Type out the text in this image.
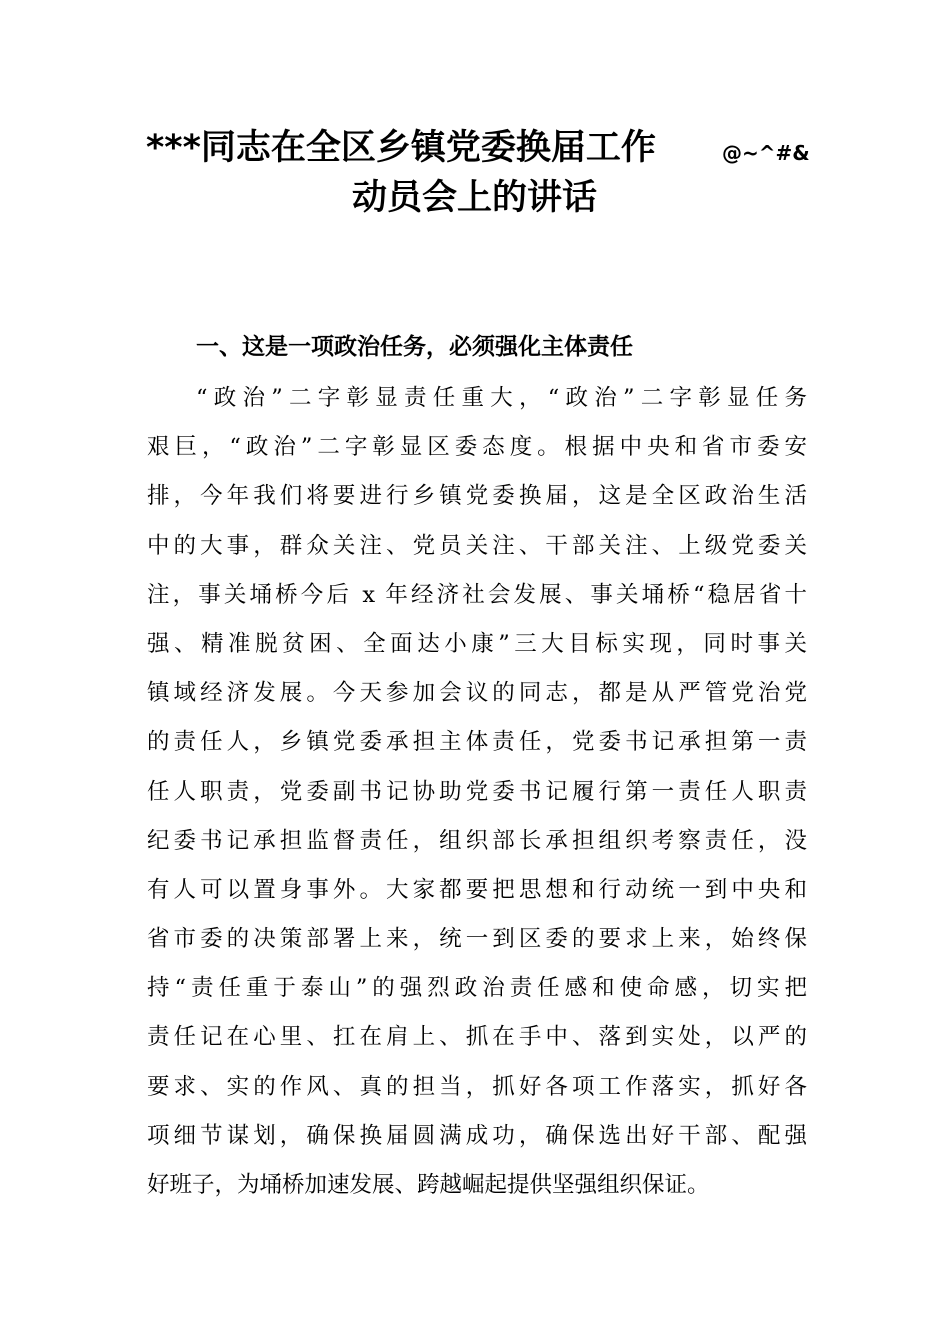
***同志在全区乡镇党委换届工作	@~^#&
动员会上的讲话
一、这是一项政治任务，必须强化主体责任
“政治”二字彰显责任重大，“政治”二字彰显任务
艰巨，“政治”二字彰显区委态度。根据中央和省市委安
排，今年我们将要进行乡镇党委换届，这是全区政治生活
中的大事，群众关注、党员关注、干部关注、上级党委关
注，事关埇桥今后 x 年经济社会发展、事关埇桥“稳居省十
强、精准脱贫困、全面达小康”三大目标实现，同时事关
镇域经济发展。今天参加会议的同志，都是从严管党治党
的责任人，乡镇党委承担主体责任，党委书记承担第一责
任人职责，党委副书记协助党委书记履行第一责任人职责
纪委书记承担监督责任，组织部长承担组织考察责任，没
有人可以置身事外。大家都要把思想和行动统一到中央和
省市委的决策部署上来，统一到区委的要求上来，始终保
持“责任重于泰山”的强烈政治责任感和使命感，切实把
责任记在心里、扛在肩上、抓在手中、落到实处，以严的
要求、实的作风、真的担当，抓好各项工作落实，抓好各
项细节谋划，确保换届圆满成功，确保选出好干部、配强
好班子，为埇桥加速发展、跨越崛起提供坚强组织保证。
